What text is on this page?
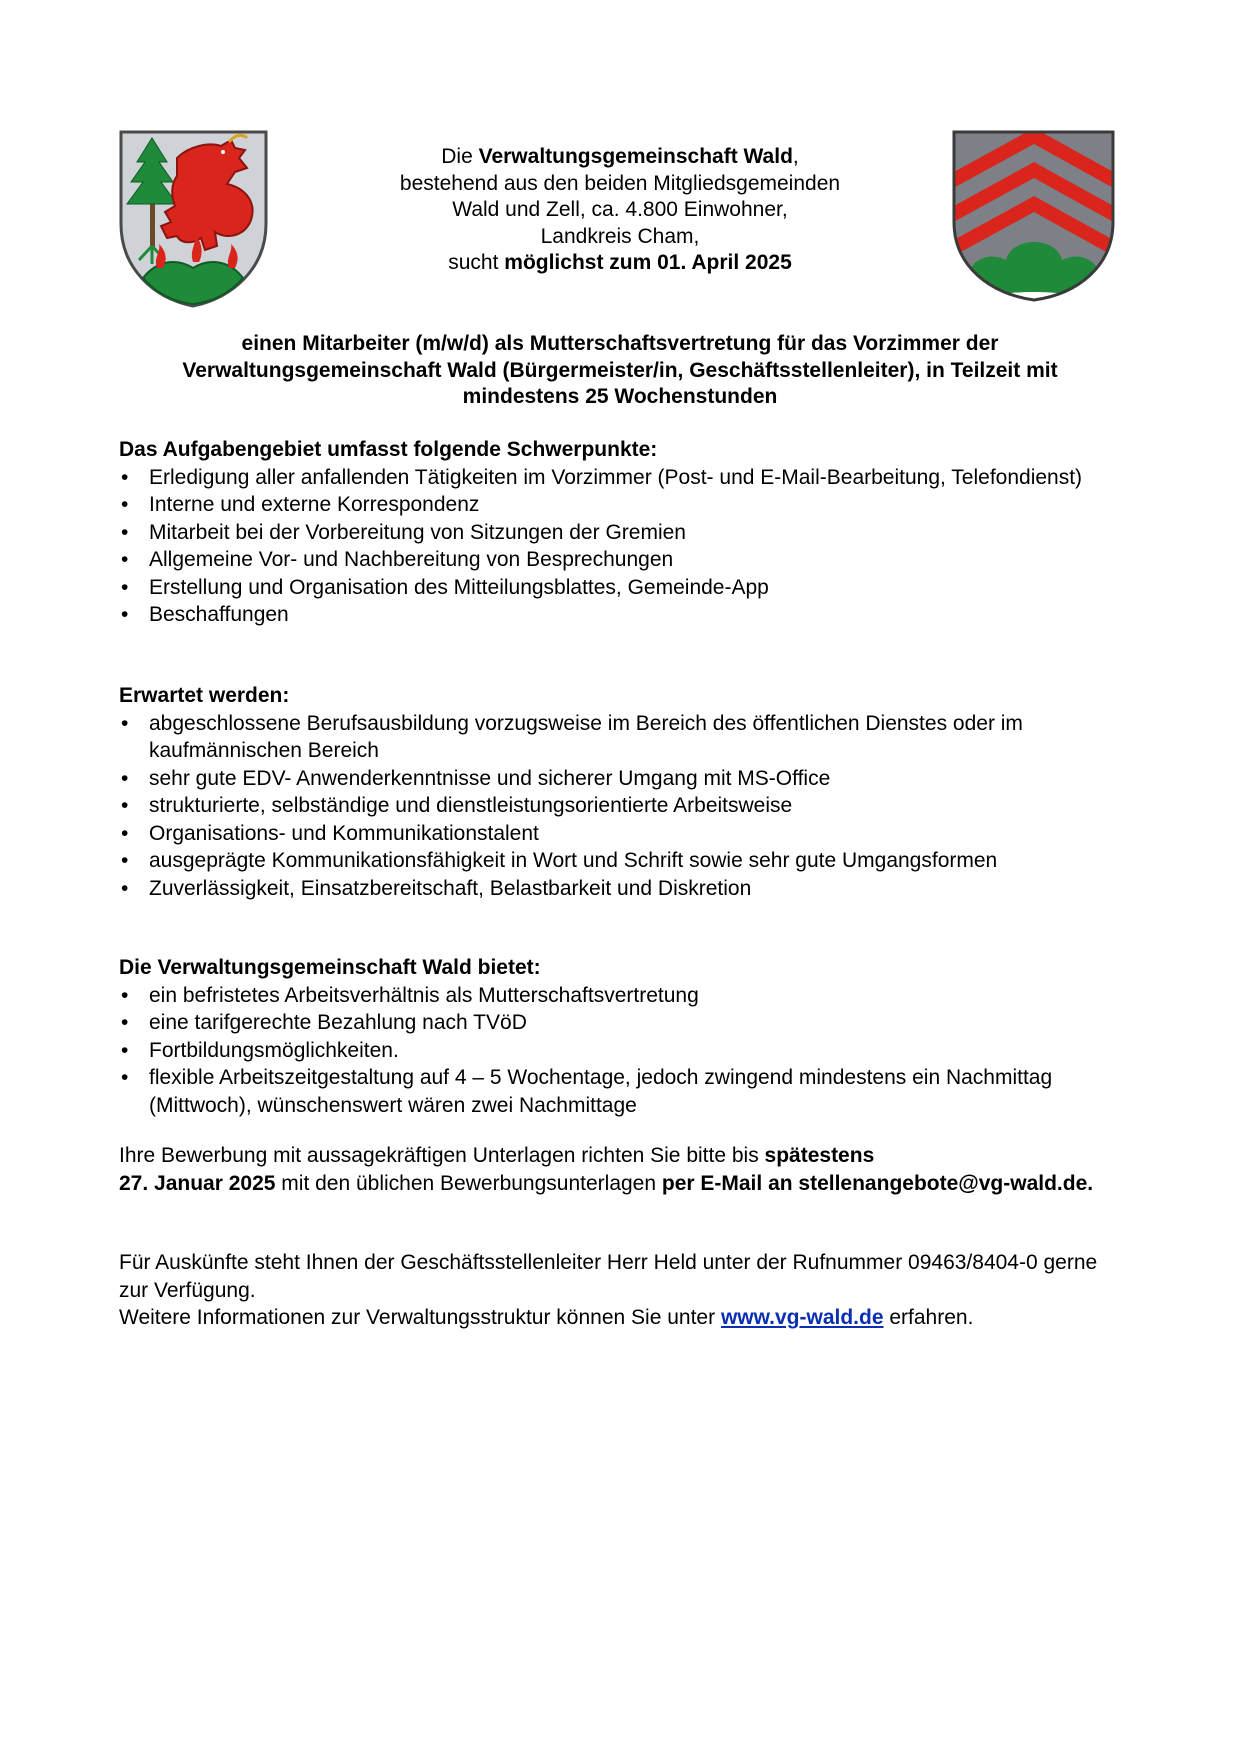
Die Verwaltungsgemeinschaft Wald,

bestehend aus den beiden Mitgliedsgemeinden

Wald und Zell, ca. 4.800 Einwohner,

Landkreis Cham,

sucht möglichst zum 01. April 2025

einen Mitarbeiter (m/w/d) als Mutterschaftsvertretung für das Vorzimmer der

Verwaltungsgemeinschaft Wald (Bürgermeister/in, Geschäftsstellenleiter), in Teilzeit mit

mindestens 25 Wochenstunden

Das Aufgabengebiet umfasst folgende Schwerpunkte:
• Erledigung aller anfallenden Tätigkeiten im Vorzimmer (Post- und E-Mail-Bearbeitung, Telefondienst)
• Interne und externe Korrespondenz
• Mitarbeit bei der Vorbereitung von Sitzungen der Gremien
• Allgemeine Vor- und Nachbereitung von Besprechungen
• Erstellung und Organisation des Mitteilungsblattes, Gemeinde-App
• Beschaffungen
Erwartet werden:
• abgeschlossene Berufsausbildung vorzugsweise im Bereich des öffentlichen Dienstes oder im kaufmännischen Bereich
• sehr gute EDV- Anwenderkenntnisse und sicherer Umgang mit MS-Office
• strukturierte, selbständige und dienstleistungsorientierte Arbeitsweise
• Organisations- und Kommunikationstalent
• ausgeprägte Kommunikationsfähigkeit in Wort und Schrift sowie sehr gute Umgangsformen
• Zuverlässigkeit, Einsatzbereitschaft, Belastbarkeit und Diskretion
Die Verwaltungsgemeinschaft Wald bietet:
• ein befristetes Arbeitsverhältnis als Mutterschaftsvertretung
• eine tarifgerechte Bezahlung nach TVöD
• Fortbildungsmöglichkeiten.
• flexible Arbeitszeitgestaltung auf 4 – 5 Wochentage, jedoch zwingend mindestens ein Nachmittag (Mittwoch), wünschenswert wären zwei Nachmittage

Ihre Bewerbung mit aussagekräftigen Unterlagen richten Sie bitte bis spätestens
27. Januar 2025 mit den üblichen Bewerbungsunterlagen per E-Mail an stellenangebote@vg-wald.de.

Für Auskünfte steht Ihnen der Geschäftsstellenleiter Herr Held unter der Rufnummer 09463/8404-0 gerne zur Verfügung.

Weitere Informationen zur Verwaltungsstruktur können Sie unter www.vg-wald.de erfahren.
